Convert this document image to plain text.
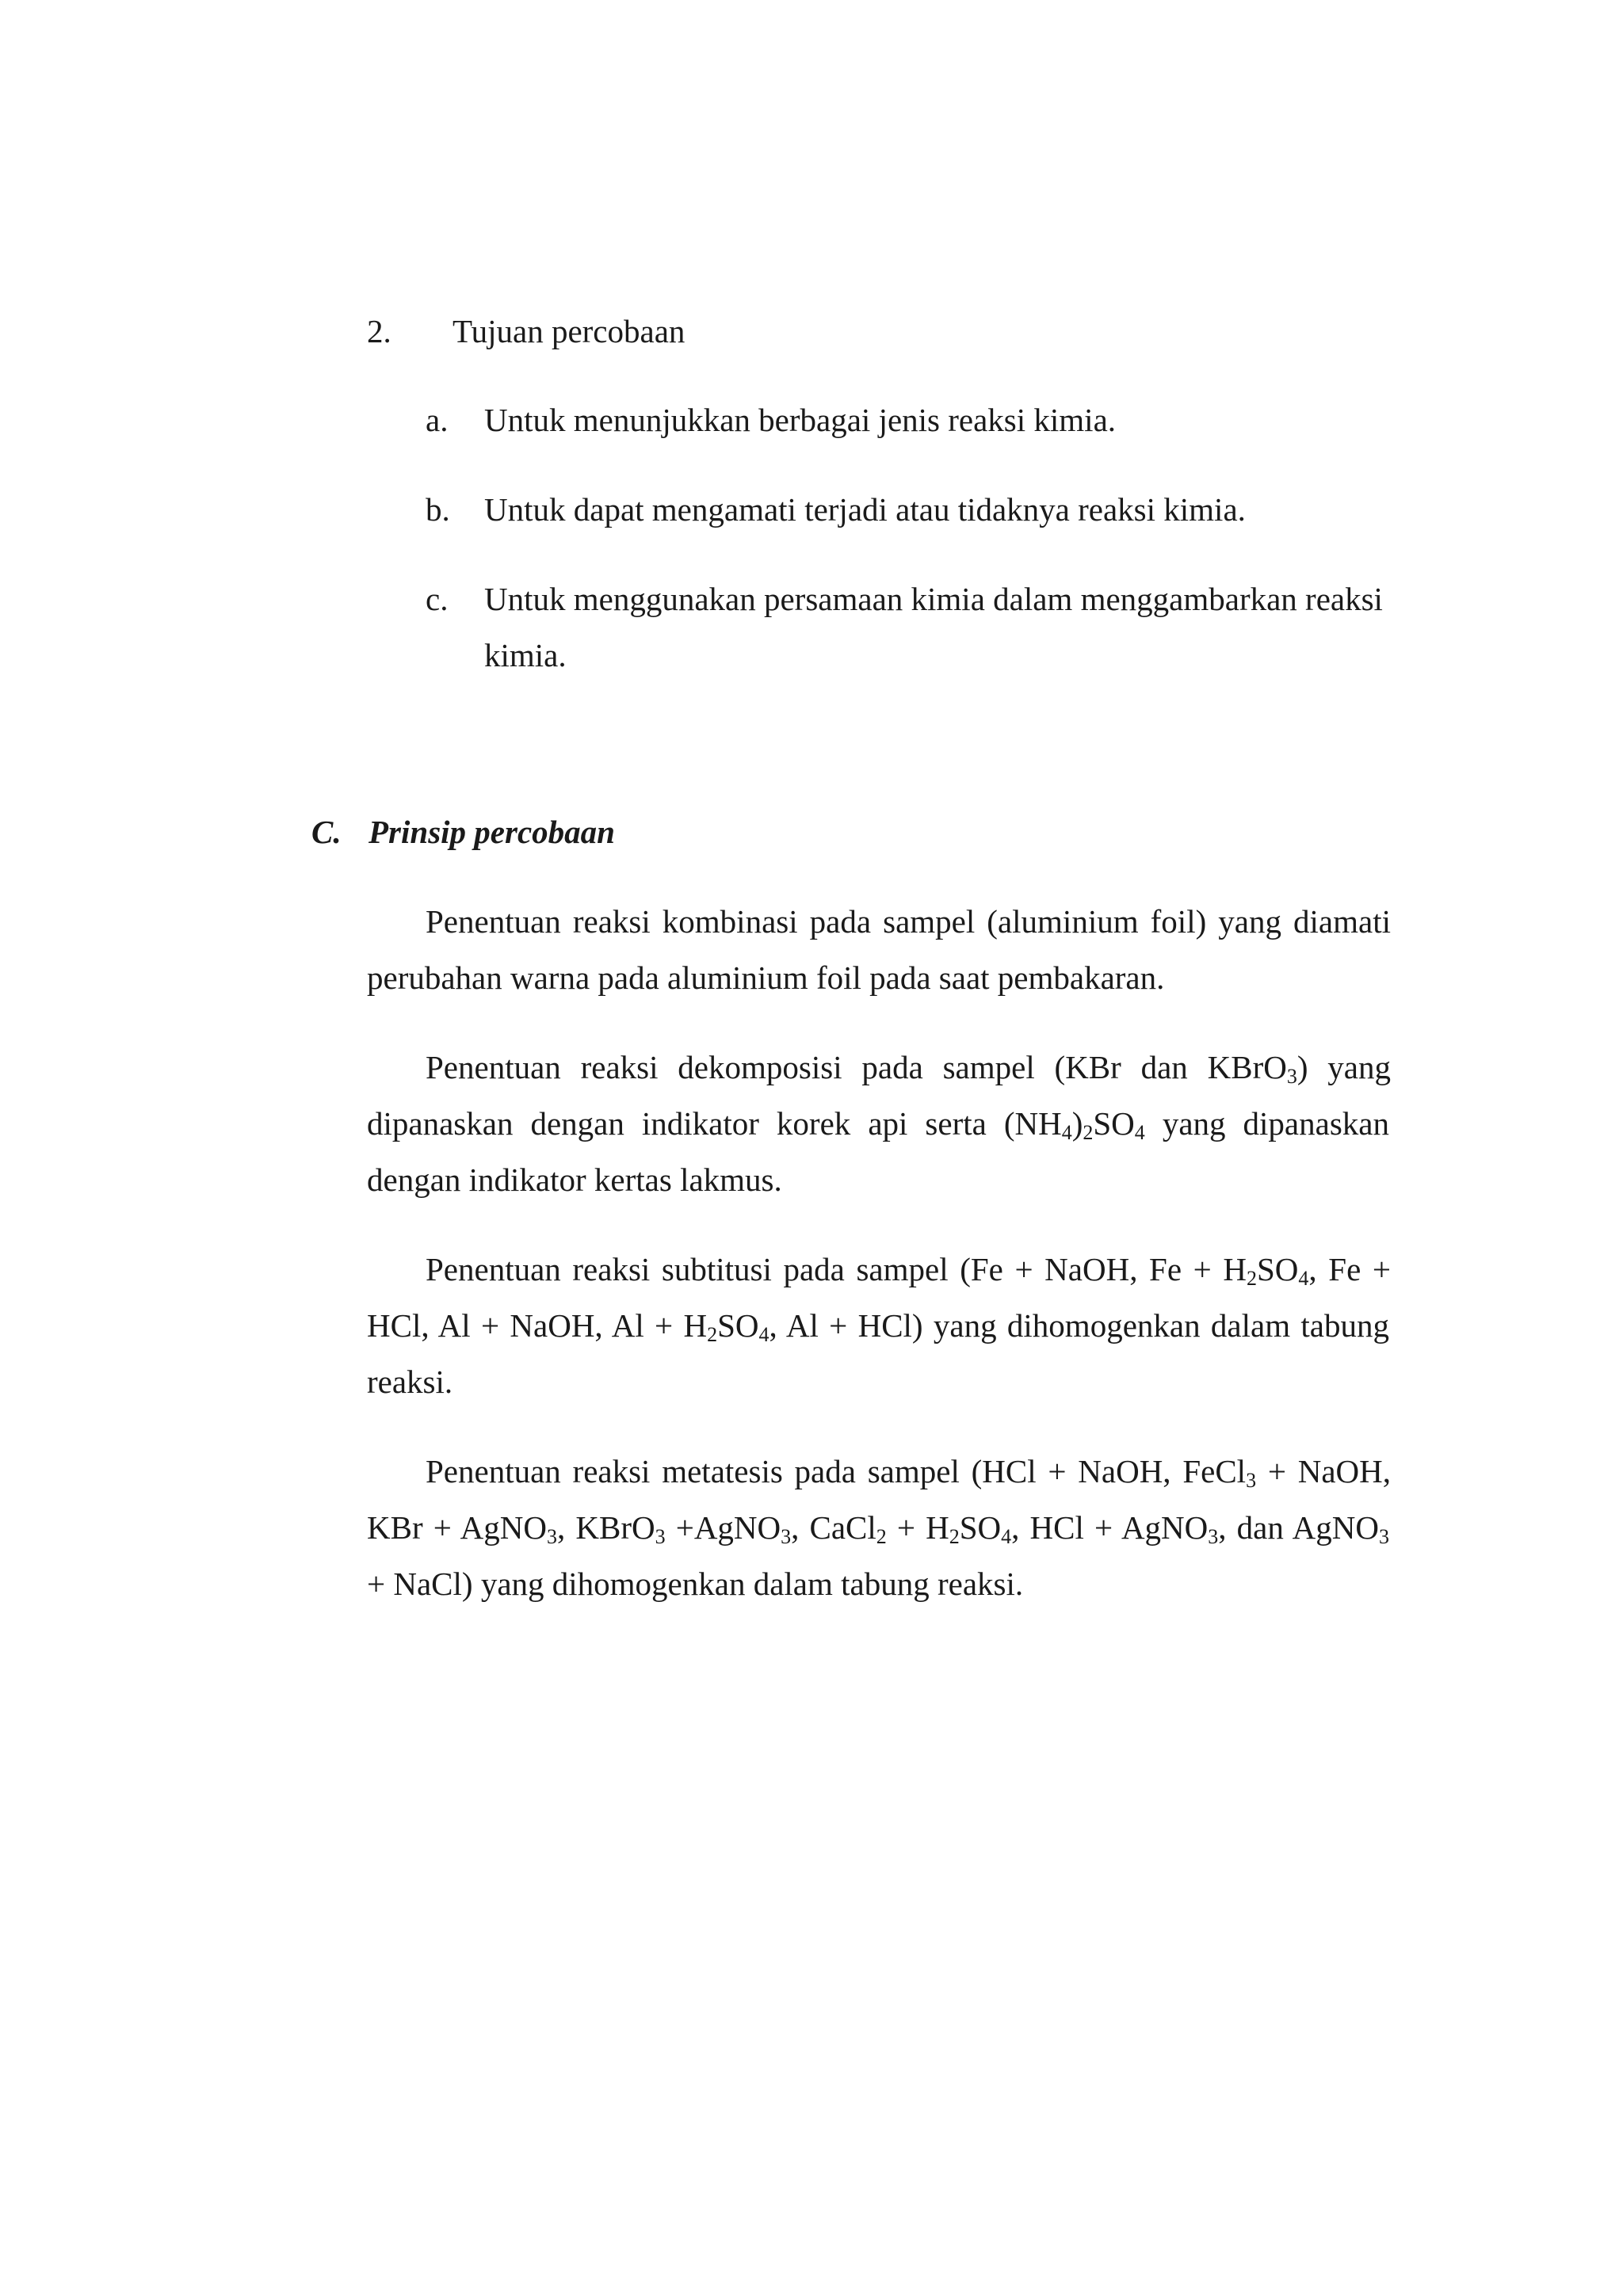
2. Tujuan percobaan
a. Untuk menunjukkan berbagai jenis reaksi kimia.
b. Untuk dapat mengamati terjadi atau tidaknya reaksi kimia.
c. Untuk menggunakan persamaan kimia dalam menggambarkan reaksi
kimia.
C. Prinsip percobaan
Penentuan reaksi kombinasi pada sampel (aluminium foil) yang diamati
perubahan warna pada aluminium foil pada saat pembakaran.
Penentuan reaksi dekomposisi pada sampel (KBr dan KBrO$_3$) yang
dipanaskan dengan indikator korek api serta $(NH_4)_2SO_4$ yang dipanaskan
dengan indikator kertas lakmus.
Penentuan reaksi subtitusi pada sampel (Fe + NaOH, $Fe + H_2SO_4$, Fe +
HCl, Al + NaOH, $Al + H_2SO_4$, Al + HCl) yang dihomogenkan dalam tabung
reaksi.
Penentuan reaksi metatesis pada sampel (HCl + NaOH, FeCl$_3$ + NaOH,
KBr + AgNO$_3$, KBrO$_3$ +AgNO$_3$, CaCl$_2$ + $H_2SO_4$, HCl + AgNO$_3$, dan AgNO$_3$
+ NaCl) yang dihomogenkan dalam tabung reaksi.
